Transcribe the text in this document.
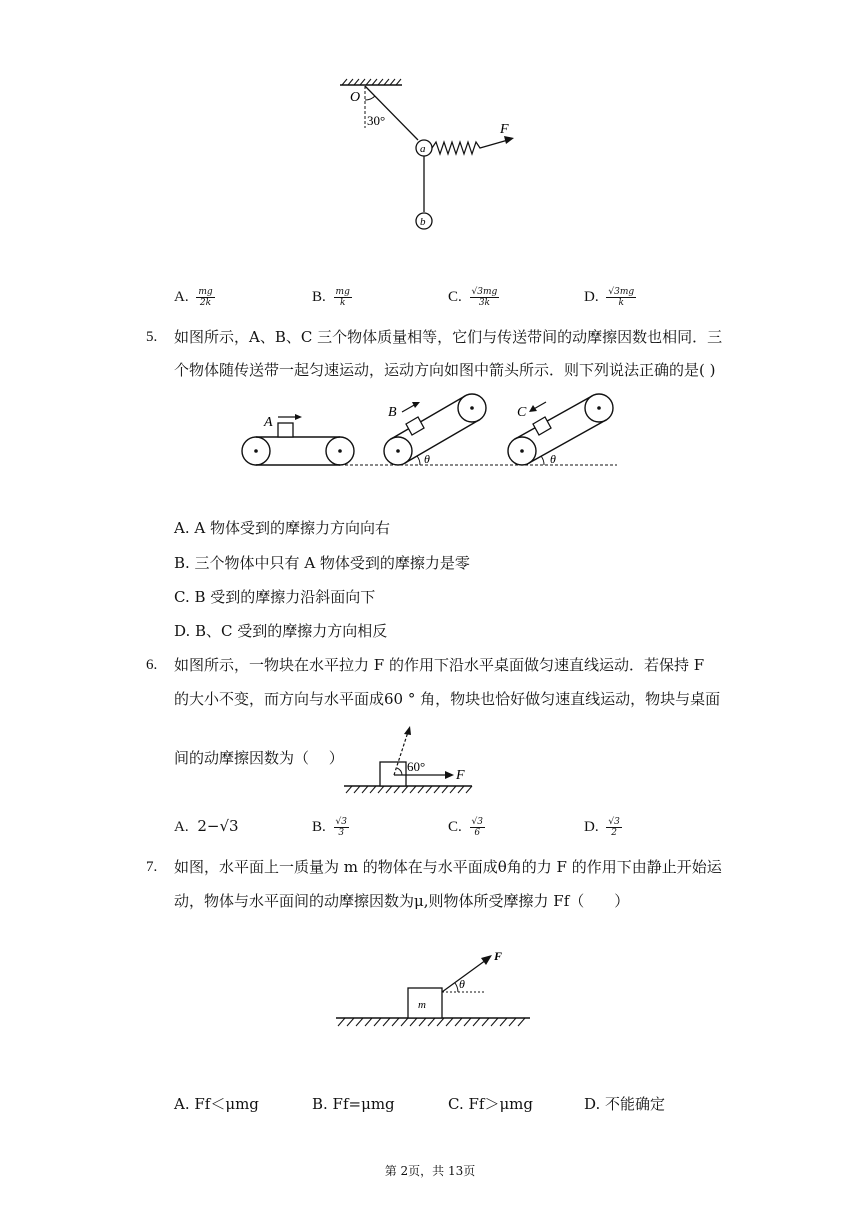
O
30°
a
b
F
A. $\frac{mg}{2k}$	B. $\frac{mg}{k}$	C. $\frac{√3mg}{3k}$	D. $\frac{√3mg}{k}$
5. 如图所示，A、B、C 三个物体质量相等，它们与传送带间的动摩擦因数也相同．三
个物体随传送带一起匀速运动，运动方向如图中箭头所示．则下列说法正确的是( )
A
B
θ
C
θ
A. A 物体受到的摩擦力方向向右
B. 三个物体中只有 A 物体受到的摩擦力是零
C. B 受到的摩擦力沿斜面向下
D. B、C 受到的摩擦力方向相反
6. 如图所示，一物块在水平拉力 F 的作用下沿水平桌面做匀速直线运动．若保持 F
的大小不变，而方向与水平面成60 ° 角，物块也恰好做匀速直线运动，物块与桌面
间的动摩擦因数为（　 ）	60°
F
A. 2−√3	B. $\frac{√3}{3}$	C. $\frac{√3}{6}$	D. $\frac{√3}{2}$
7. 如图，水平面上一质量为 m 的物体在与水平面成θ角的力 F 的作用下由静止开始运
动，物体与水平面间的动摩擦因数为μ,则物体所受摩擦力 Ff（　　）
m
θ
F
A. Ff＜μmg	B. Ff=μmg	C. Ff＞μmg	D. 不能确定
第 2页，共 13页
